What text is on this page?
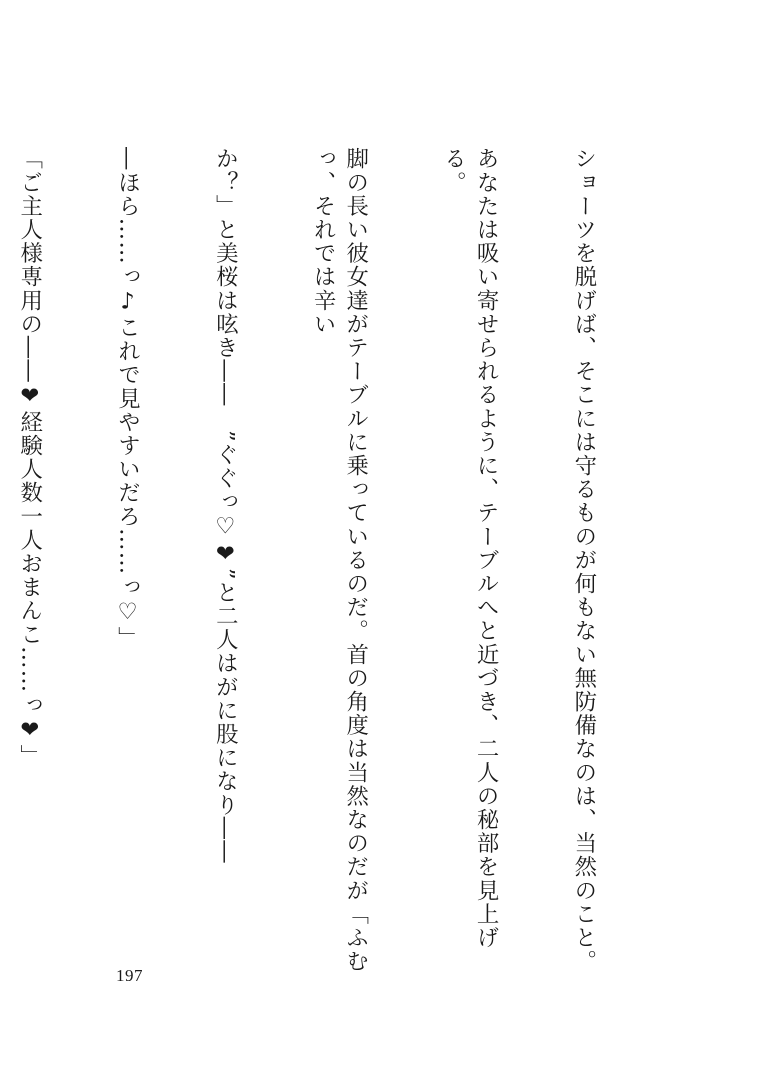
ショーツを脱げば、そこには守るものが何もない無防備なのは、当然のこと。

あなたは吸い寄せられるように、テーブルへと近づき、二人の秘部を見上げる。

脚の長い彼女達がテーブルに乗っているのだ。首の角度は当然なのだが「ふむっ、それでは辛い

か？」と美桜は呟き――　”ぐぐっ♡❤”と二人はがに股になり――

―ほら……っ♪これで見やすいだろ……っ♡」

「ご主人様専用の――❤経験人数一人おまんこ……っ❤」

197
